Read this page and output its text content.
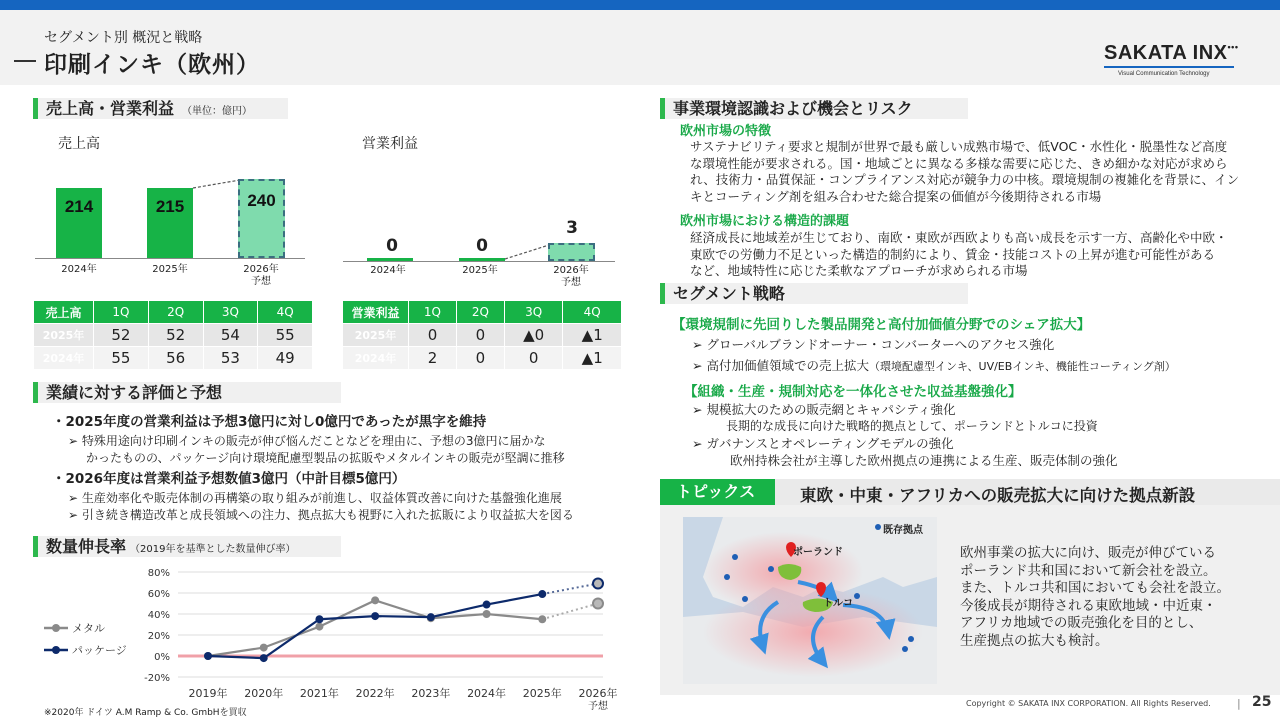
セグメント別 概況と戦略
印刷インキ（欧州）	SAKATA INX•••
Visual Communication Technology
売上高・営業利益 （単位：億円）
売上高
214	215	240
2024年	2025年	2026年
予想
営業利益
0	0
3
2024年	2025年	2026年
予想
売上高	1Q	2Q	3Q	4Q
2025年	52	52	54	55
2024年	55	56	53	49
営業利益	1Q	2Q	3Q	4Q
2025年	0	0	▲0	▲1
2024年	2	0	0	▲1
業績に対する評価と予想
・2025年度の営業利益は予想3億円に対し0億円であったが黒字を維持
➢ 特殊用途向け印刷インキの販売が伸び悩んだことなどを理由に、予想の3億円に届かな
かったものの、パッケージ向け環境配慮型製品の拡販やメタルインキの販売が堅調に推移
・2026年度は営業利益予想数値3億円（中計目標5億円）
➢ 生産効率化や販売体制の再構築の取り組みが前進し、収益体質改善に向けた基盤強化進展
➢ 引き続き構造改革と成長領域への注力、拠点拡大も視野に入れた拡販により収益拡大を図る
数量伸長率 （2019年を基準とした数量伸び率）
80%
60%
40%
20%
0%
-20%
2019年 2020年 2021年 2022年 2023年 2024年 2025年 2026年
予想
メタル
パッケージ
※2020年 ドイツ A.M Ramp & Co. GmbHを買収
事業環境認識および機会とリスク
欧州市場の特徴
サステナビリティ要求と規制が世界で最も厳しい成熟市場で、低VOC・水性化・脱墨性など高度
な環境性能が要求される。国・地域ごとに異なる多様な需要に応じた、きめ細かな対応が求めら
れ、技術力・品質保証・コンプライアンス対応が競争力の中核。環境規制の複雑化を背景に、イン
キとコーティング剤を組み合わせた総合提案の価値が今後期待される市場
欧州市場における構造的課題
経済成長に地域差が生じており、南欧・東欧が西欧よりも高い成長を示す一方、高齢化や中欧・
東欧での労働力不足といった構造的制約により、賃金・技能コストの上昇が進む可能性がある
など、地域特性に応じた柔軟なアプローチが求められる市場
セグメント戦略
【環境規制に先回りした製品開発と高付加価値分野でのシェア拡大】
➢ グローバルブランドオーナー・コンバーターへのアクセス強化
➢ 高付加価値領域での売上拡大（環境配慮型インキ、UV/EBインキ、機能性コーティング剤）
【組織・生産・規制対応を一体化させた収益基盤強化】
➢ 規模拡大のための販売網とキャパシティ強化
長期的な成長に向けた戦略的拠点として、ポーランドとトルコに投資
➢ ガバナンスとオペレーティングモデルの強化
欧州持株会社が主導した欧州拠点の連携による生産、販売体制の強化
トピックス	東欧・中東・アフリカへの販売拡大に向けた拠点新設
既存拠点
ポーランド
トルコ
欧州事業の拡大に向け、販売が伸びている
ポーランド共和国において新会社を設立。
また、トルコ共和国においても会社を設立。
今後成長が期待される東欧地域・中近東・
アフリカ地域での販売強化を目的とし、
生産拠点の拡大も検討。
Copyright © SAKATA INX CORPORATION. All Rights Reserved. | 25
